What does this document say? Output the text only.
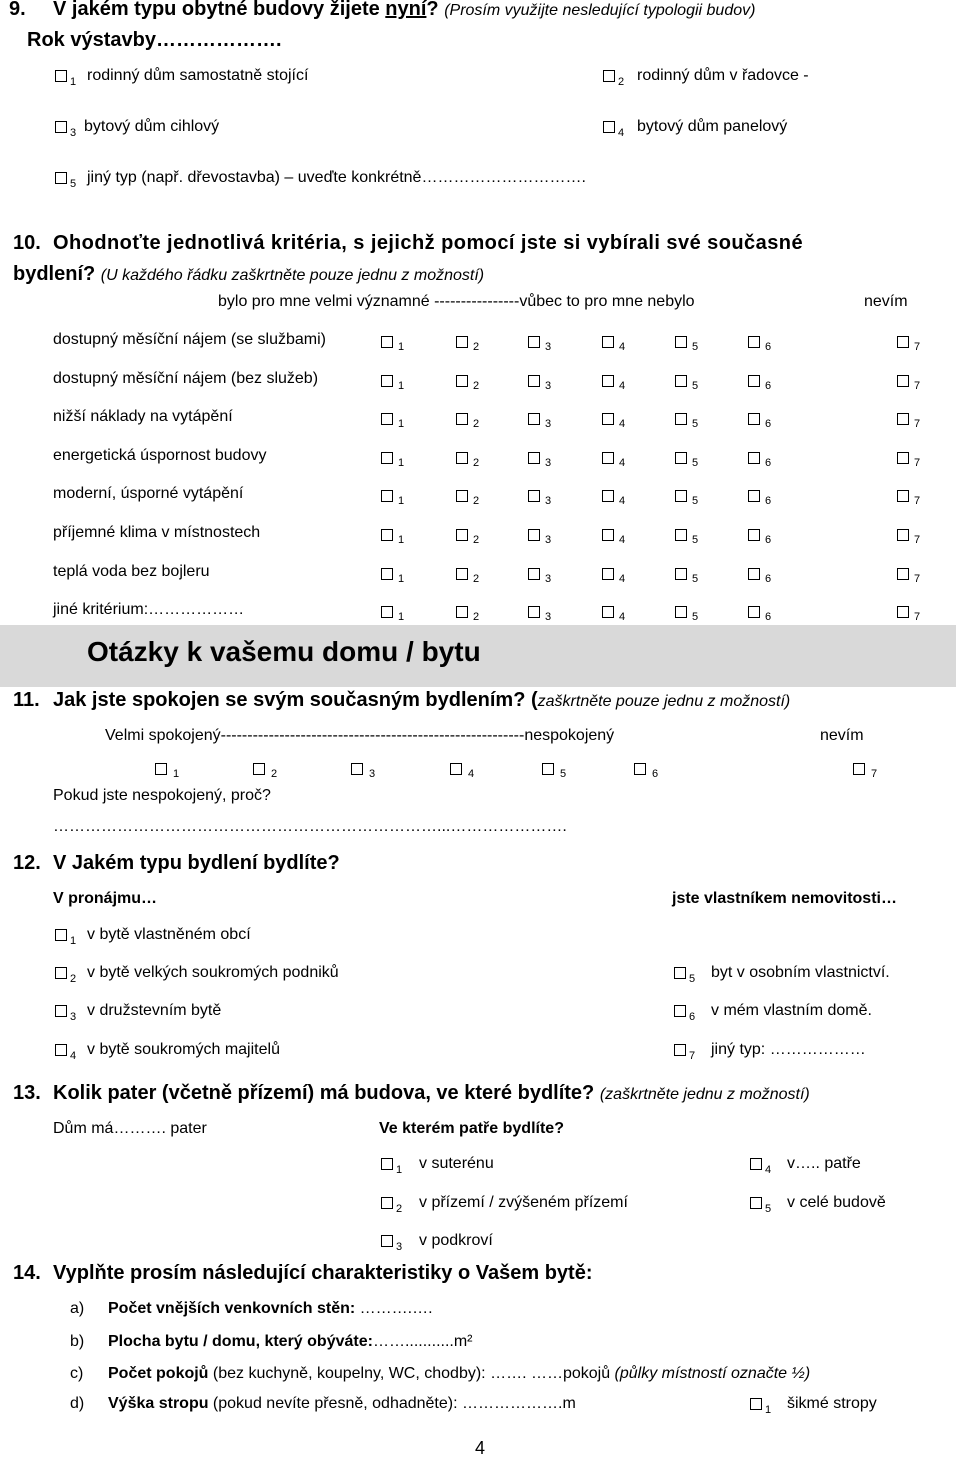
9. V jakém typu obytné budovy žijete nyní? (Prosím využijte nesledující typologii budov)
Rok výstavby……………….
1 rodinný dům samostatně stojící	2 rodinný dům v řadovce -
3 bytový dům cihlový	4 bytový dům panelový
5 jiný typ (např. dřevostavba) – uveďte konkrétně………………………….
10. Ohodnoťte jednotlivá kritéria, s jejichž pomocí jste si vybírali své současné
bydlení? (U každého řádku zaškrtněte pouze jednu z možností)
bylo pro mne velmi významné ----------------vůbec to pro mne nebylo	nevím
dostupný měsíční nájem (se službami)	1	2	3	4	5	6	7
dostupný měsíční nájem (bez služeb)	1	2	3	4	5	6	7
nižší náklady na vytápění	1	2	3	4	5	6	7
energetická úspornost budovy	1	2	3	4	5	6	7
moderní, úsporné vytápění	1	2	3	4	5	6	7
příjemné klima v místnostech	1	2	3	4	5	6	7
teplá voda bez bojleru	1	2	3	4	5	6	7
jiné kritérium:………………	1	2	3	4	5	6	7
Otázky k vašemu domu / bytu
11. Jak jste spokojen se svým současným bydlením? (zaškrtněte pouze jednu z možností)
Velmi spokojený---------------------------------------------------------nespokojený	nevím
1	2	3	4	5	6	7
Pokud jste nespokojený, proč?
………………………………………………………………...………………….
12. V Jakém typu bydlení bydlíte?
V pronájmu…	jste vlastníkem nemovitosti…
1 v bytě vlastněném obcí
2 v bytě velkých soukromých podniků
3 v družstevním bytě
4 v bytě soukromých majitelů
5 byt v osobním vlastnictví.
6 v mém vlastním domě.
7 jiný typ: ………………
13. Kolik pater (včetně přízemí) má budova, ve které bydlíte? (zaškrtněte jednu z možností)
Dům má………. pater	Ve kterém patře bydlíte?
1 v suterénu
2 v přízemí / zvýšeném přízemí
3 v podkroví
4 v….. patře
5 v celé budově
14. Vyplňte prosím následující charakteristiky o Vašem bytě:
a) Počet vnějších venkovních stěn: ……….….
b) Plocha bytu / domu, který obýváte:……...........m²
c) Počet pokojů (bez kuchyně, koupelny, WC, chodby): ……. ……pokojů (půlky místností označte ½)
d) Výška stropu (pokud nevíte přesně, odhadněte): ……………….m	1 šikmé stropy
4
